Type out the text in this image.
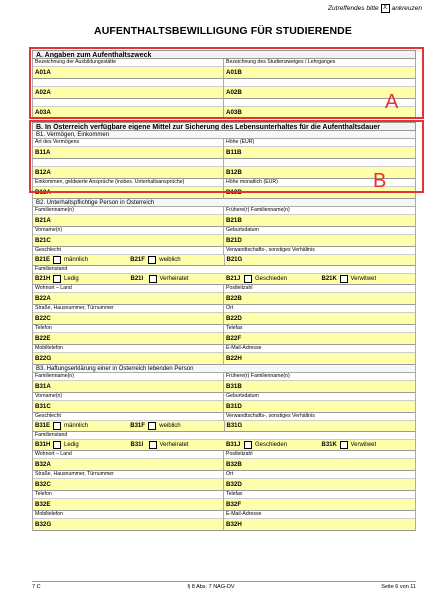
Zutreffendes bitte X ankreuzen
AUFENTHALTSBEWILLIGUNG FÜR STUDIERENDE
A. Angaben zum Aufenthaltszweck
Bezeichnung der Ausbildungsstätte
A01A
Bezeichnung des Studienzweiges / Lehrganges
A01B
A02A	A02B
A03A	A03B
B. In Österreich verfügbare eigene Mittel zur Sicherung des Lebensunterhaltes für die Aufenthaltsdauer
B1. Vermögen, Einkommen
Art des Vermögens
B11A
Höhe (EUR)
B11B
B12A	B12B
Einkommen, geldwerte Ansprüche (insbes. Unterhaltsansprüche)
B13A
Höhe monatlich (EUR)
B13B
B2. Unterhaltspflichtige Person in Österreich
Familienname(n)
B21A
Frühere(r) Familienname(n)
B21B
Vorname(n)
B21C
Geburtsdatum
B21D
Geschlecht	Verwandtschafts-, sonstiges Verhältnis
B21E	männlich	B21F	weiblich	B21G
Familienstand
B21H	Ledig	B21I	Verheiratet	B21J	Geschieden	B21K	Verwitwet
Wohnort – Land
B22A
Postleitzahl
B22B
Straße, Hausnummer, Türnummer
B22C
Ort
B22D
Telefon
B22E
Telefax
B22F
Mobiltelefon
B22G
E-Mail-Adresse
B22H
B3. Haftungserklärung einer in Österreich lebenden Person
Familienname(n)
B31A
Frühere(r) Familienname(n)
B31B
Vorname(n)
B31C
Geburtsdatum
B31D
Geschlecht	Verwandtschafts-, sonstiges Verhältnis
B31E	männlich	B31F	weiblich	B31G
Familienstand
B31H	Ledig	B31I	Verheiratet	B31J	Geschieden	B31K	Verwitwet
Wohnort – Land
B32A
Postleitzahl
B32B
Straße, Hausnummer, Türnummer
B32C
Ort
B32D
Telefon
B32E
Telefax
B32F
Mobiltelefon
B32G
E-Mail-Adresse
B32H
A
B
7 C	§ 8 Abs. 7 NAG-DV	Seite 6 von 11
